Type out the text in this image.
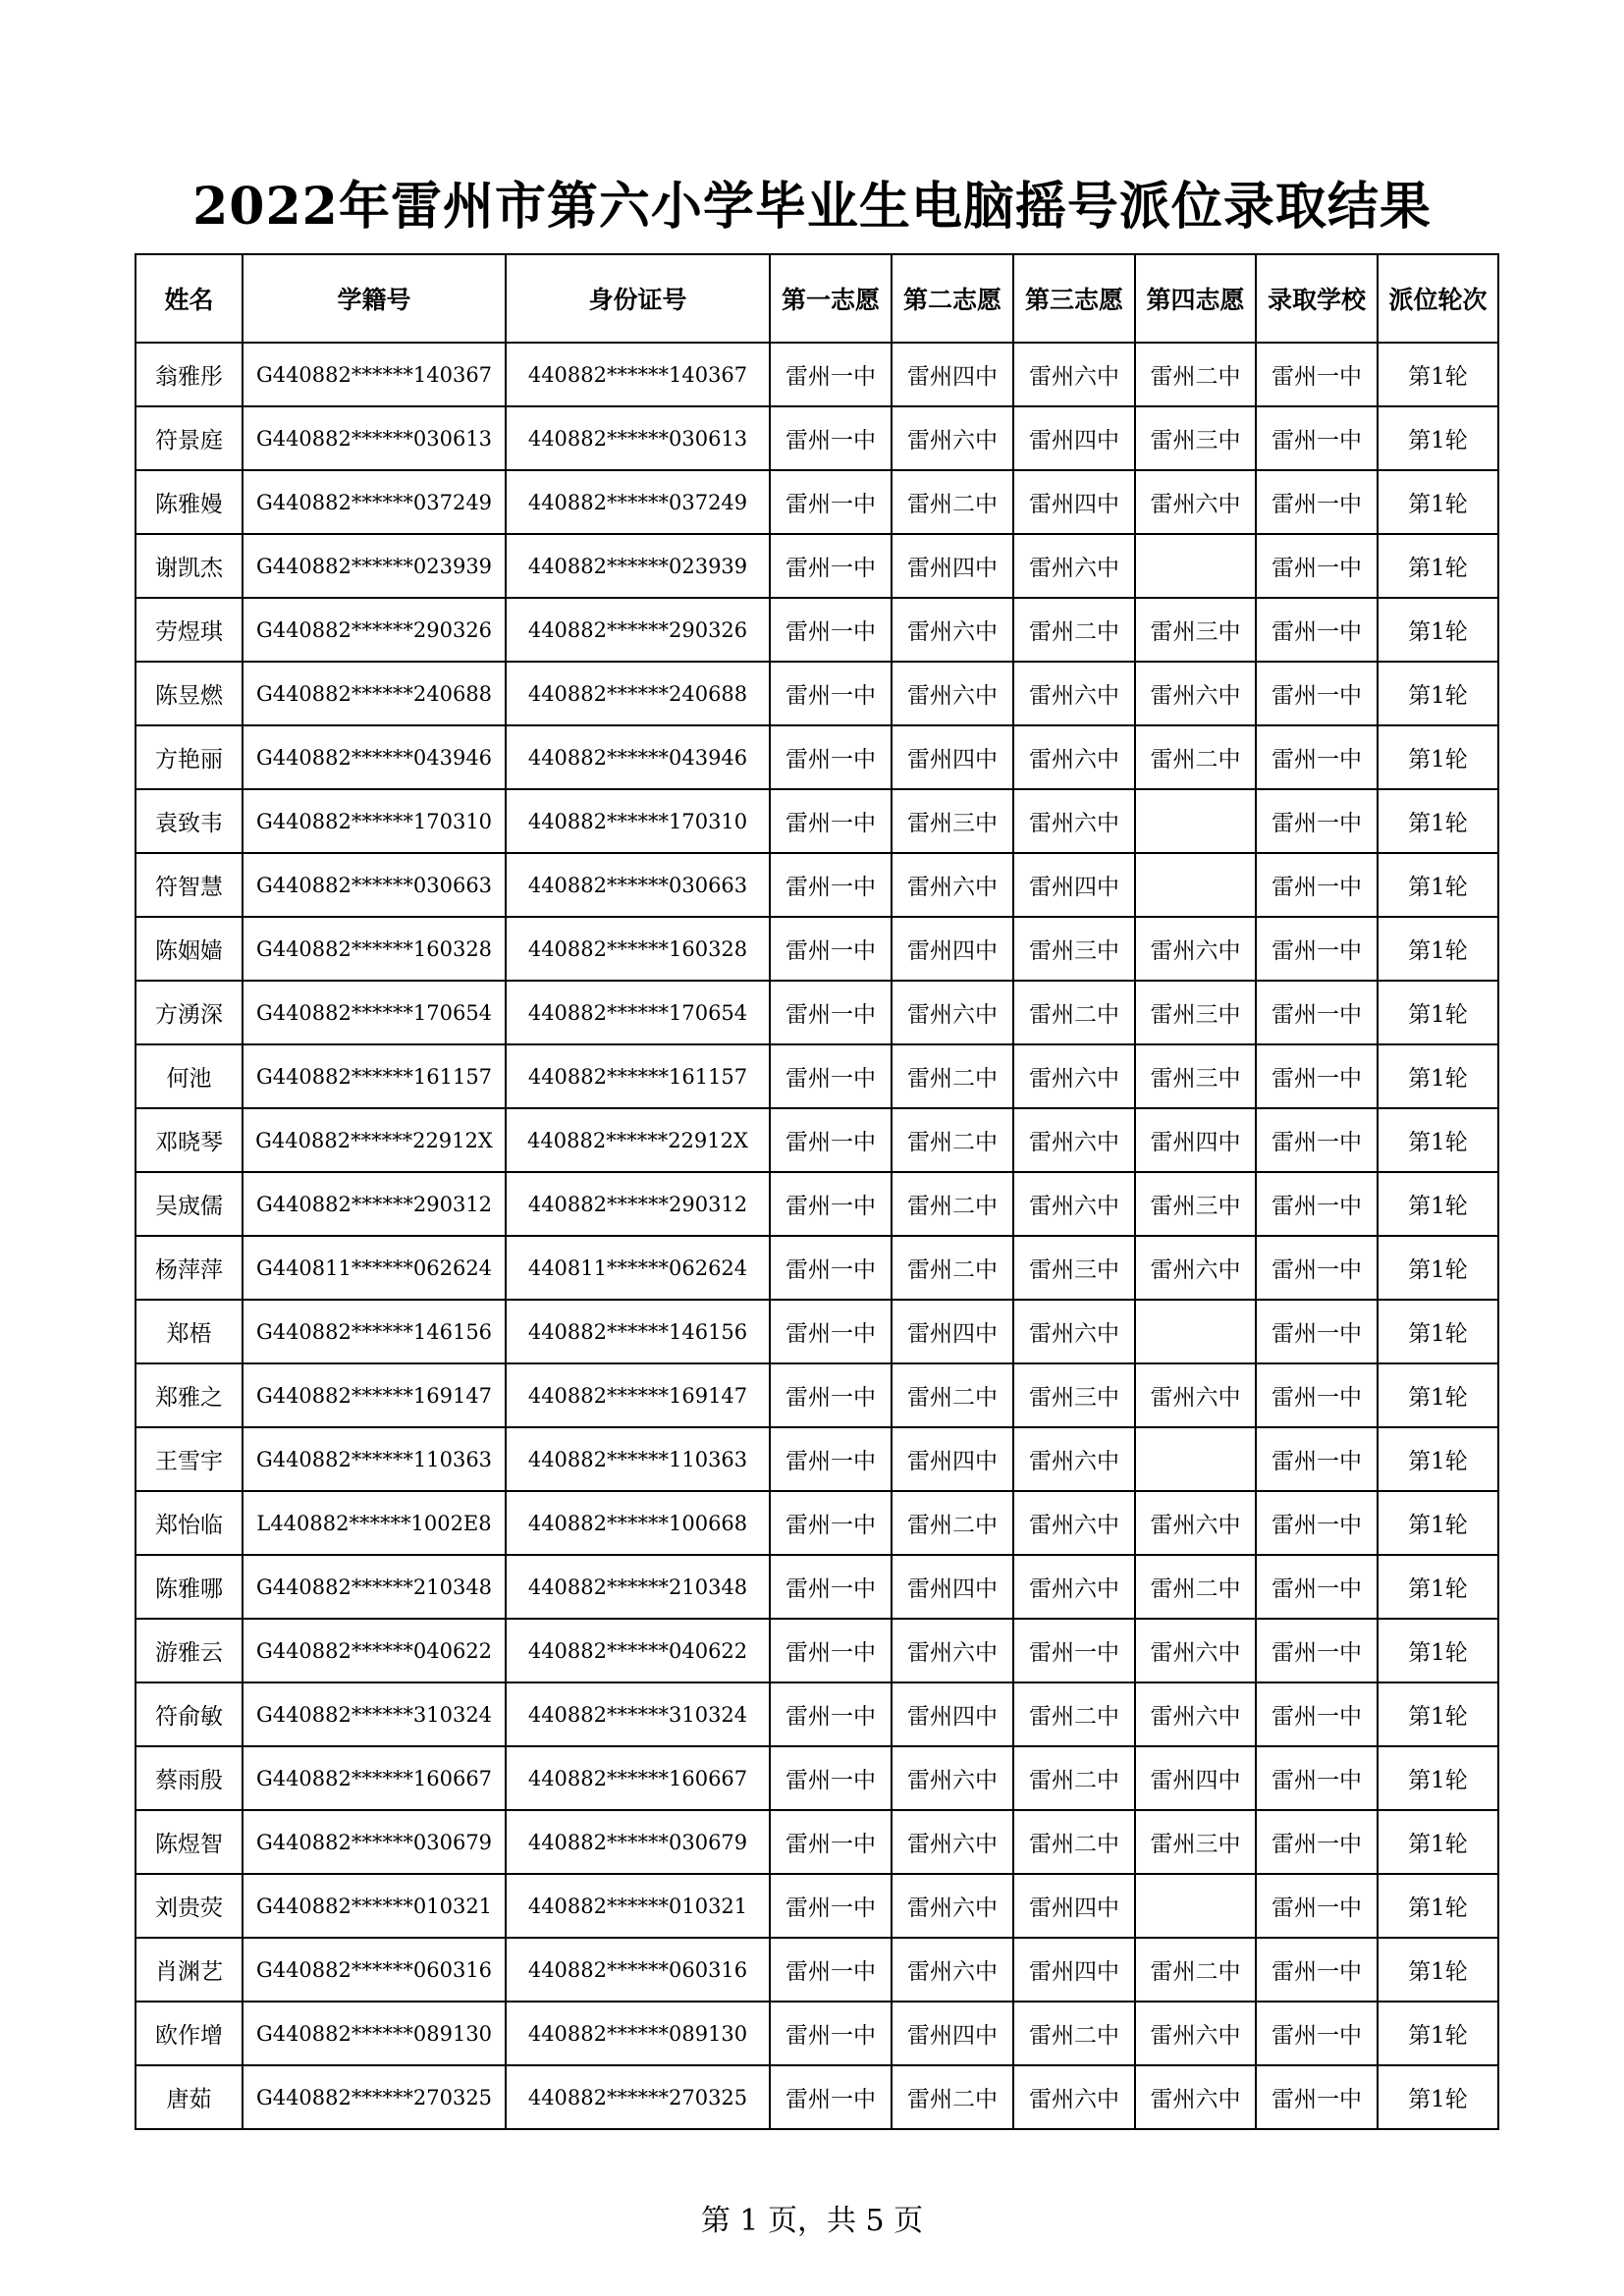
2022年雷州市第六小学毕业生电脑摇号派位录取结果
姓名	学籍号	身份证号	第一志愿	第二志愿	第三志愿	第四志愿	录取学校	派位轮次
翁雅彤	G440882******140367	440882******140367	雷州一中	雷州四中	雷州六中	雷州二中	雷州一中	第1轮
符景庭	G440882******030613	440882******030613	雷州一中	雷州六中	雷州四中	雷州三中	雷州一中	第1轮
陈雅嫚	G440882******037249	440882******037249	雷州一中	雷州二中	雷州四中	雷州六中	雷州一中	第1轮
谢凯杰	G440882******023939	440882******023939	雷州一中	雷州四中	雷州六中		雷州一中	第1轮
劳煜琪	G440882******290326	440882******290326	雷州一中	雷州六中	雷州二中	雷州三中	雷州一中	第1轮
陈昱燃	G440882******240688	440882******240688	雷州一中	雷州六中	雷州六中	雷州六中	雷州一中	第1轮
方艳丽	G440882******043946	440882******043946	雷州一中	雷州四中	雷州六中	雷州二中	雷州一中	第1轮
袁致韦	G440882******170310	440882******170310	雷州一中	雷州三中	雷州六中		雷州一中	第1轮
符智慧	G440882******030663	440882******030663	雷州一中	雷州六中	雷州四中		雷州一中	第1轮
陈姻嫱	G440882******160328	440882******160328	雷州一中	雷州四中	雷州三中	雷州六中	雷州一中	第1轮
方湧深	G440882******170654	440882******170654	雷州一中	雷州六中	雷州二中	雷州三中	雷州一中	第1轮
何池	G440882******161157	440882******161157	雷州一中	雷州二中	雷州六中	雷州三中	雷州一中	第1轮
邓晓琴	G440882******22912X	440882******22912X	雷州一中	雷州二中	雷州六中	雷州四中	雷州一中	第1轮
吴宬儒	G440882******290312	440882******290312	雷州一中	雷州二中	雷州六中	雷州三中	雷州一中	第1轮
杨萍萍	G440811******062624	440811******062624	雷州一中	雷州二中	雷州三中	雷州六中	雷州一中	第1轮
郑梧	G440882******146156	440882******146156	雷州一中	雷州四中	雷州六中		雷州一中	第1轮
郑雅之	G440882******169147	440882******169147	雷州一中	雷州二中	雷州三中	雷州六中	雷州一中	第1轮
王雪宇	G440882******110363	440882******110363	雷州一中	雷州四中	雷州六中		雷州一中	第1轮
郑怡临	L440882******1002E8	440882******100668	雷州一中	雷州二中	雷州六中	雷州六中	雷州一中	第1轮
陈雅哪	G440882******210348	440882******210348	雷州一中	雷州四中	雷州六中	雷州二中	雷州一中	第1轮
游雅云	G440882******040622	440882******040622	雷州一中	雷州六中	雷州一中	雷州六中	雷州一中	第1轮
符俞敏	G440882******310324	440882******310324	雷州一中	雷州四中	雷州二中	雷州六中	雷州一中	第1轮
蔡雨殷	G440882******160667	440882******160667	雷州一中	雷州六中	雷州二中	雷州四中	雷州一中	第1轮
陈煜智	G440882******030679	440882******030679	雷州一中	雷州六中	雷州二中	雷州三中	雷州一中	第1轮
刘贵荧	G440882******010321	440882******010321	雷州一中	雷州六中	雷州四中		雷州一中	第1轮
肖渊艺	G440882******060316	440882******060316	雷州一中	雷州六中	雷州四中	雷州二中	雷州一中	第1轮
欧作增	G440882******089130	440882******089130	雷州一中	雷州四中	雷州二中	雷州六中	雷州一中	第1轮
唐茹	G440882******270325	440882******270325	雷州一中	雷州二中	雷州六中	雷州六中	雷州一中	第1轮
第 1 页，共 5 页
